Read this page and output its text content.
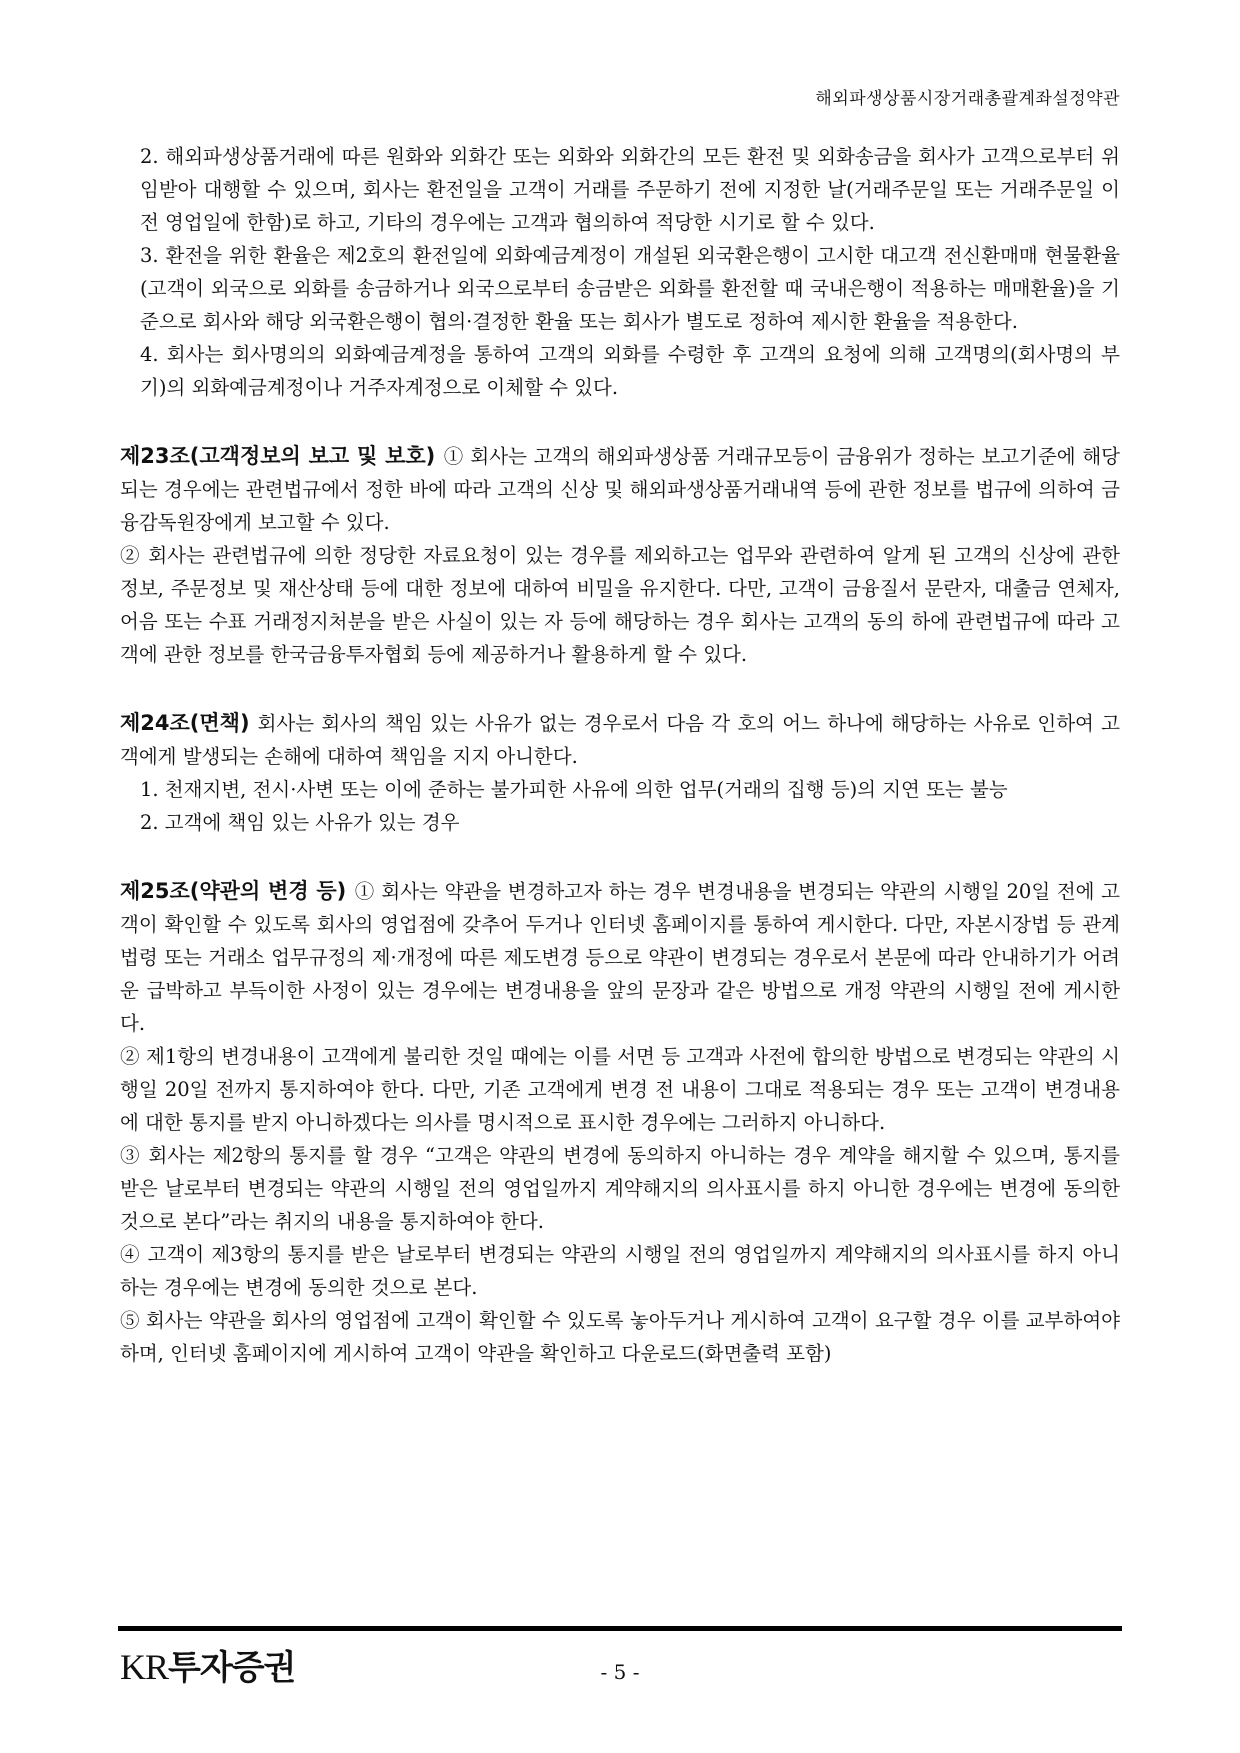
해외파생상품시장거래총괄계좌설정약관

2. 해외파생상품거래에 따른 원화와 외화간 또는 외화와 외화간의 모든 환전 및 외화송금을 회사가 고객으로부터 위임받아 대행할 수 있으며, 회사는 환전일을 고객이 거래를 주문하기 전에 지정한 날(거래주문일 또는 거래주문일 이전 영업일에 한함)로 하고, 기타의 경우에는 고객과 협의하여 적당한 시기로 할 수 있다.

3. 환전을 위한 환율은 제2호의 환전일에 외화예금계정이 개설된 외국환은행이 고시한 대고객 전신환매매 현물환율(고객이 외국으로 외화를 송금하거나 외국으로부터 송금받은 외화를 환전할 때 국내은행이 적용하는 매매환율)을 기준으로 회사와 해당 외국환은행이 협의·결정한 환율 또는 회사가 별도로 정하여 제시한 환율을 적용한다.

4. 회사는 회사명의의 외화예금계정을 통하여 고객의 외화를 수령한 후 고객의 요청에 의해 고객명의(회사명의 부기)의 외화예금계정이나 거주자계정으로 이체할 수 있다.

제23조(고객정보의 보고 및 보호) ① 회사는 고객의 해외파생상품 거래규모등이 금융위가 정하는 보고기준에 해당되는 경우에는 관련법규에서 정한 바에 따라 고객의 신상 및 해외파생상품거래내역 등에 관한 정보를 법규에 의하여 금융감독원장에게 보고할 수 있다.

② 회사는 관련법규에 의한 정당한 자료요청이 있는 경우를 제외하고는 업무와 관련하여 알게 된 고객의 신상에 관한 정보, 주문정보 및 재산상태 등에 대한 정보에 대하여 비밀을 유지한다. 다만, 고객이 금융질서 문란자, 대출금 연체자, 어음 또는 수표 거래정지처분을 받은 사실이 있는 자 등에 해당하는 경우 회사는 고객의 동의 하에 관련법규에 따라 고객에 관한 정보를 한국금융투자협회 등에 제공하거나 활용하게 할 수 있다.

제24조(면책) 회사는 회사의 책임 있는 사유가 없는 경우로서 다음 각 호의 어느 하나에 해당하는 사유로 인하여 고객에게 발생되는 손해에 대하여 책임을 지지 아니한다.

1. 천재지변, 전시·사변 또는 이에 준하는 불가피한 사유에 의한 업무(거래의 집행 등)의 지연 또는 불능

2. 고객에 책임 있는 사유가 있는 경우

제25조(약관의 변경 등) ① 회사는 약관을 변경하고자 하는 경우 변경내용을 변경되는 약관의 시행일 20일 전에 고객이 확인할 수 있도록 회사의 영업점에 갖추어 두거나 인터넷 홈페이지를 통하여 게시한다. 다만, 자본시장법 등 관계법령 또는 거래소 업무규정의 제·개정에 따른 제도변경 등으로 약관이 변경되는 경우로서 본문에 따라 안내하기가 어려운 급박하고 부득이한 사정이 있는 경우에는 변경내용을 앞의 문장과 같은 방법으로 개정 약관의 시행일 전에 게시한다.

② 제1항의 변경내용이 고객에게 불리한 것일 때에는 이를 서면 등 고객과 사전에 합의한 방법으로 변경되는 약관의 시행일 20일 전까지 통지하여야 한다. 다만, 기존 고객에게 변경 전 내용이 그대로 적용되는 경우 또는 고객이 변경내용에 대한 통지를 받지 아니하겠다는 의사를 명시적으로 표시한 경우에는 그러하지 아니하다.

③ 회사는 제2항의 통지를 할 경우 “고객은 약관의 변경에 동의하지 아니하는 경우 계약을 해지할 수 있으며, 통지를 받은 날로부터 변경되는 약관의 시행일 전의 영업일까지 계약해지의 의사표시를 하지 아니한 경우에는 변경에 동의한 것으로 본다”라는 취지의 내용을 통지하여야 한다.

④ 고객이 제3항의 통지를 받은 날로부터 변경되는 약관의 시행일 전의 영업일까지 계약해지의 의사표시를 하지 아니하는 경우에는 변경에 동의한 것으로 본다.

⑤ 회사는 약관을 회사의 영업점에 고객이 확인할 수 있도록 놓아두거나 게시하여 고객이 요구할 경우 이를 교부하여야 하며, 인터넷 홈페이지에 게시하여 고객이 약관을 확인하고 다운로드(화면출력 포함)

KR투자증권	- 5 -
